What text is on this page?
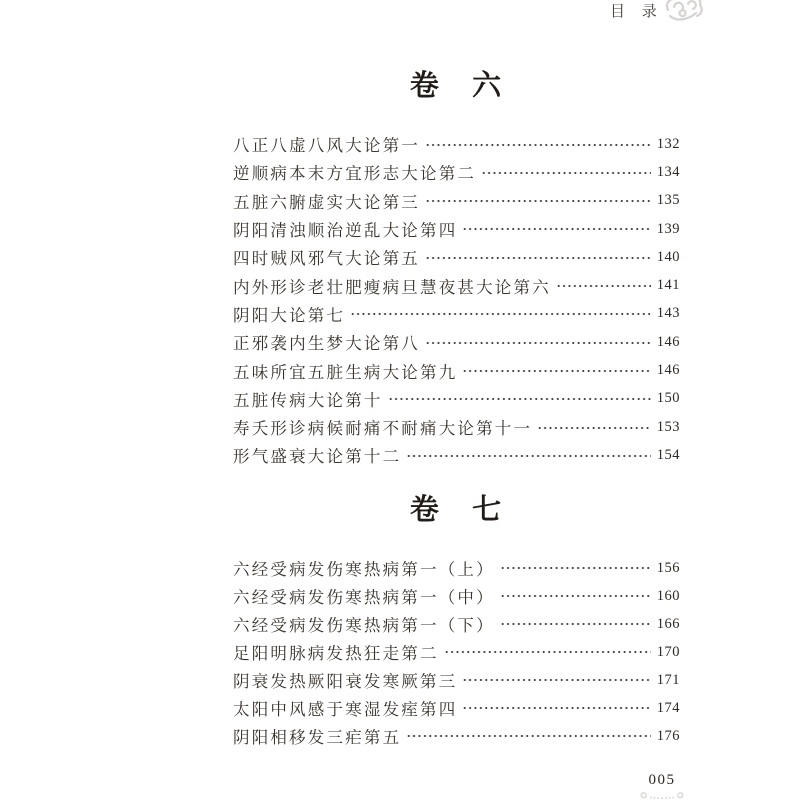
目 录
卷 六
八正八虚八风大论第一	132
逆顺病本末方宜形志大论第二	134
五脏六腑虚实大论第三	135
阴阳清浊顺治逆乱大论第四	139
四时贼风邪气大论第五	140
内外形诊老壮肥瘦病旦慧夜甚大论第六	141
阴阳大论第七	143
正邪袭内生梦大论第八	146
五味所宜五脏生病大论第九	146
五脏传病大论第十	150
寿夭形诊病候耐痛不耐痛大论第十一	153
形气盛衰大论第十二	154
卷 七
六经受病发伤寒热病第一（上）	156
六经受病发伤寒热病第一（中）	160
六经受病发伤寒热病第一（下）	166
足阳明脉病发热狂走第二	170
阴衰发热厥阳衰发寒厥第三	171
太阳中风感于寒湿发痓第四	174
阴阳相移发三疟第五	176
005
